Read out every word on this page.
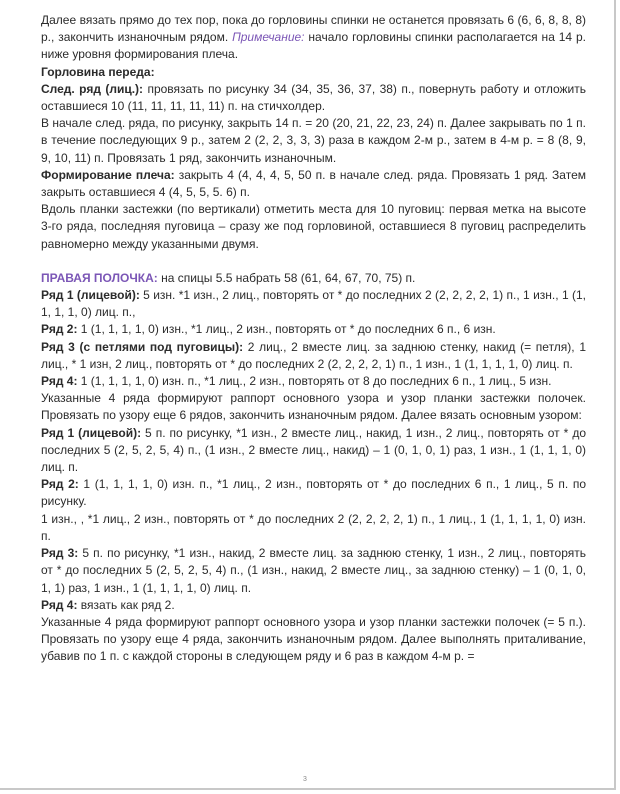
Далее вязать прямо до тех пор, пока до горловины спинки не останется провязать 6 (6, 6, 8, 8, 8) р., закончить изнаночным рядом. Примечание: начало горловины спинки располагается на 14 р. ниже уровня формирования плеча.

Горловина переда:

След. ряд (лиц.): провязать по рисунку 34 (34, 35, 36, 37, 38) п., повернуть работу и отложить оставшиеся 10 (11, 11, 11, 11, 11) п. на стичхолдер.

В начале след. ряда, по рисунку, закрыть 14 п. = 20 (20, 21, 22, 23, 24) п. Далее закрывать по 1 п. в течение последующих 9 р., затем 2 (2, 2, 3, 3, 3) раза в каждом 2-м р., затем в 4-м р. = 8 (8, 9, 9, 10, 11) п. Провязать 1 ряд, закончить изнаночным.

Формирование плеча: закрыть 4 (4, 4, 4, 5, 50 п. в начале след. ряда. Провязать 1 ряд. Затем закрыть оставшиеся 4 (4, 5, 5, 5. 6) п.

Вдоль планки застежки (по вертикали) отметить места для 10 пуговиц: первая метка на высоте 3-го ряда, последняя пуговица – сразу же под горловиной, оставшиеся 8 пуговиц распределить равномерно между указанными двумя.

ПРАВАЯ ПОЛОЧКА: на спицы 5.5 набрать 58 (61, 64, 67, 70, 75) п.

Ряд 1 (лицевой): 5 изн. *1 изн., 2 лиц., повторять от * до последних 2 (2, 2, 2, 2, 1) п., 1 изн., 1 (1, 1, 1, 1, 0) лиц. п.,

Ряд 2: 1 (1, 1, 1, 1, 0) изн., *1 лиц., 2 изн., повторять от * до последних 6 п., 6 изн.

Ряд 3 (с петлями под пуговицы): 2 лиц., 2 вместе лиц. за заднюю стенку, накид (= петля), 1 лиц., * 1 изн, 2 лиц., повторять от * до последних 2 (2, 2, 2, 2, 1) п., 1 изн., 1 (1, 1, 1, 1, 0) лиц. п.

Ряд 4: 1 (1, 1, 1, 1, 0) изн. п., *1 лиц., 2 изн., повторять от 8 до последних 6 п., 1 лиц., 5 изн.

Указанные 4 ряда формируют раппорт основного узора и узор планки застежки полочек. Провязать по узору еще 6 рядов, закончить изнаночным рядом. Далее вязать основным узором:

Ряд 1 (лицевой): 5 п. по рисунку, *1 изн., 2 вместе лиц., накид, 1 изн., 2 лиц., повторять от * до последних 5 (2, 5, 2, 5, 4) п., (1 изн., 2 вместе лиц., накид) – 1 (0, 1, 0, 1) раз, 1 изн., 1 (1, 1, 1, 0) лиц. п.

Ряд 2: 1 (1, 1, 1, 1, 0) изн. п., *1 лиц., 2 изн., повторять от * до последних 6 п., 1 лиц., 5 п. по рисунку.

1 изн., , *1 лиц., 2 изн., повторять от * до последних 2 (2, 2, 2, 2, 1) п., 1 лиц., 1 (1, 1, 1, 1, 0) изн. п.

Ряд 3: 5 п. по рисунку, *1 изн., накид, 2 вместе лиц. за заднюю стенку, 1 изн., 2 лиц., повторять от * до последних 5 (2, 5, 2, 5, 4) п., (1 изн., накид, 2 вместе лиц., за заднюю стенку) – 1 (0, 1, 0, 1, 1) раз, 1 изн., 1 (1, 1, 1, 1, 0) лиц. п.

Ряд 4: вязать как ряд 2.

Указанные 4 ряда формируют раппорт основного узора и узор планки застежки полочек (= 5 п.). Провязать по узору еще 4 ряда, закончить изнаночным рядом. Далее выполнять приталивание, убавив по 1 п. с каждой стороны в следующем ряду и 6 раз в каждом 4-м р. =

3
